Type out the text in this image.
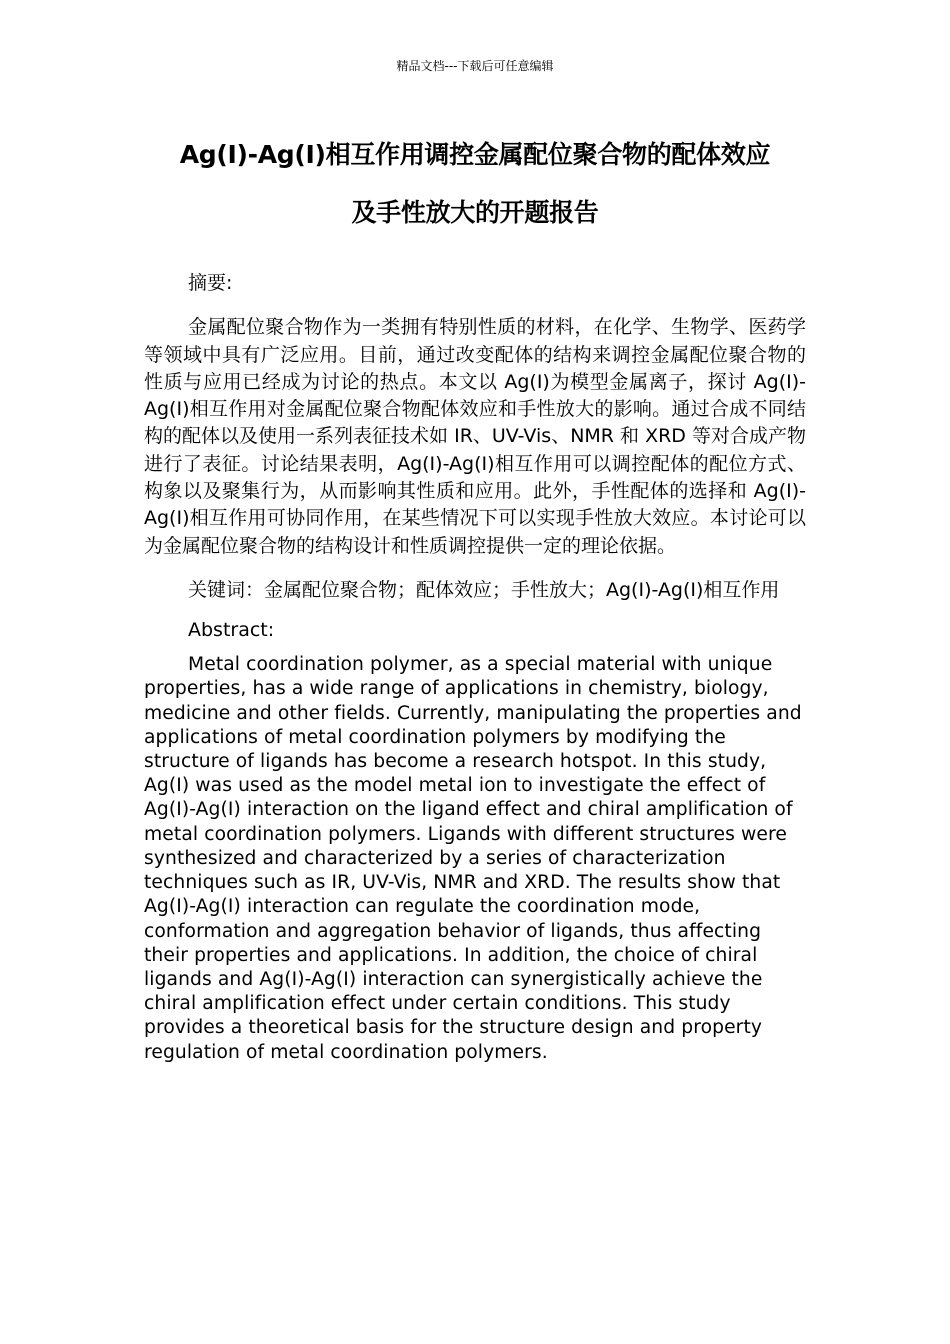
精品文档---下载后可任意编辑
Ag(I)-Ag(I)相互作用调控金属配位聚合物的配体效应
及手性放大的开题报告

摘要:

金属配位聚合物作为一类拥有特别性质的材料，在化学、生物学、医药学等领域中具有广泛应用。目前，通过改变配体的结构来调控金属配位聚合物的性质与应用已经成为讨论的热点。本文以 Ag(I)为模型金属离子，探讨 Ag(I)-Ag(I)相互作用对金属配位聚合物配体效应和手性放大的影响。通过合成不同结构的配体以及使用一系列表征技术如 IR、UV-Vis、NMR 和 XRD 等对合成产物进行了表征。讨论结果表明，Ag(I)-Ag(I)相互作用可以调控配体的配位方式、构象以及聚集行为，从而影响其性质和应用。此外，手性配体的选择和 Ag(I)-Ag(I)相互作用可协同作用，在某些情况下可以实现手性放大效应。本讨论可以为金属配位聚合物的结构设计和性质调控提供一定的理论依据。

关键词：金属配位聚合物；配体效应；手性放大；Ag(I)-Ag(I)相互作用

Abstract:

Metal coordination polymer, as a special material with unique properties, has a wide range of applications in chemistry, biology, medicine and other fields. Currently, manipulating the properties and applications of metal coordination polymers by modifying the structure of ligands has become a research hotspot. In this study, Ag(I) was used as the model metal ion to investigate the effect of Ag(I)-Ag(I) interaction on the ligand effect and chiral amplification of metal coordination polymers. Ligands with different structures were synthesized and characterized by a series of characterization techniques such as IR, UV-Vis, NMR and XRD. The results show that Ag(I)-Ag(I) interaction can regulate the coordination mode, conformation and aggregation behavior of ligands, thus affecting their properties and applications. In addition, the choice of chiral ligands and Ag(I)-Ag(I) interaction can synergistically achieve the chiral amplification effect under certain conditions. This study provides a theoretical basis for the structure design and property regulation of metal coordination polymers.
